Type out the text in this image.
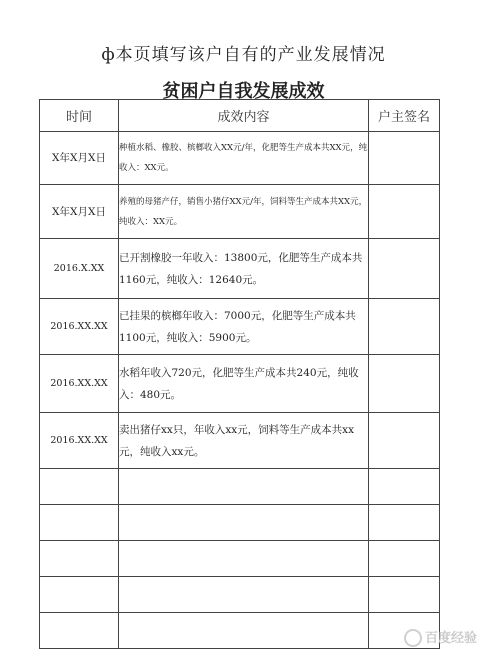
ф本页填写该户自有的产业发展情况
贫困户自我发展成效
时间	成效内容	户主签名
X年X月X日	种植水稻、橡胶、槟榔收入XX元/年，化肥等生产成本共XX元，纯收入：XX元。	
X年X月X日	养殖的母猪产仔，销售小猪仔XX元/年，饲料等生产成本共XX元，纯收入：XX元。	
2016.X.XX	已开割橡胶一年收入：13800元，化肥等生产成本共1160元，纯收入：12640元。	
2016.XX.XX	已挂果的槟榔年收入：7000元，化肥等生产成本共1100元，纯收入：5900元。	
2016.XX.XX	水稻年收入720元，化肥等生产成本共240元，纯收入：480元。	
2016.XX.XX	卖出猪仔xx只，年收入xx元，饲料等生产成本共xx元，纯收入xx元。	

百度经验
